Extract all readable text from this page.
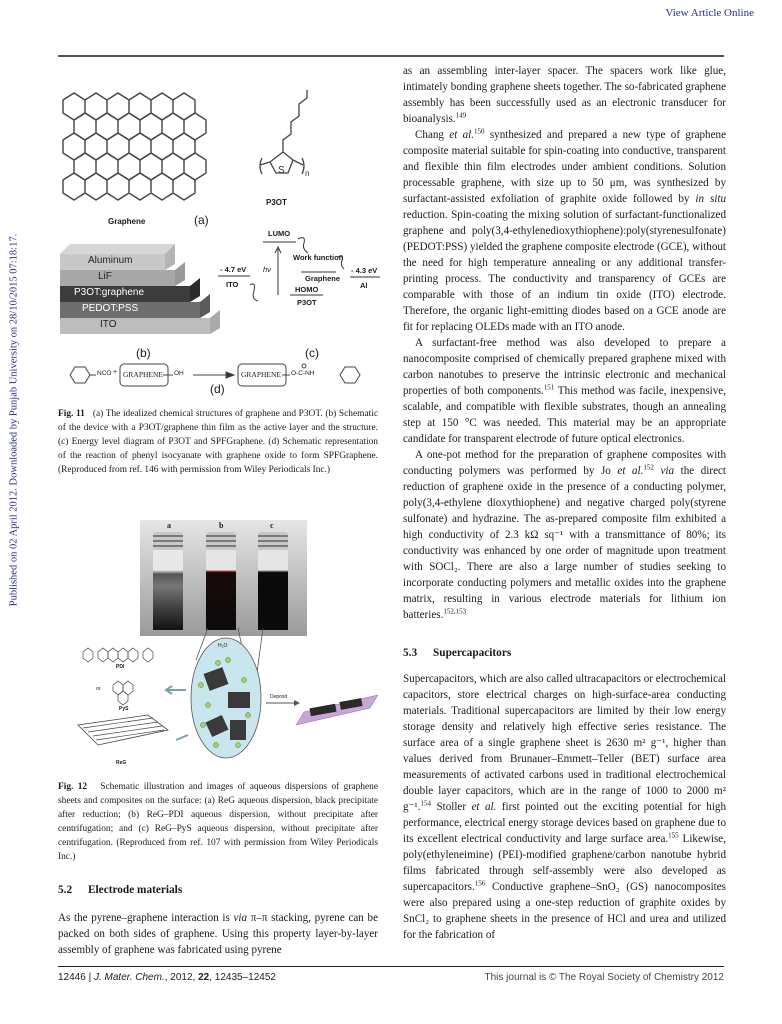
View Article Online
Published on 02 April 2012. Downloaded by Punjab University on 28/10/2015 07:18:17.
Graphene	(a)
S	n
P3OT
Aluminum
LiF
P3OT:graphene
PEDOT:PSS
ITO
(b)
LUMO
Work function
Graphene
- 4.3 eV
Al
- 4.7 eV
ITO
hν
HOMO
P3OT
(c)
NCO + GRAPHENE OH	GRAPHENE O-C-NH
(d)
Fig. 11 (a) The idealized chemical structures of graphene and P3OT. (b) Schematic of the device with a P3OT/graphene thin film as the active layer and the structure. (c) Energy level diagram of P3OT and SPFGraphene. (d) Schematic representation of the reaction of phenyl isocyanate with graphene oxide to form SPFGraphene. (Reproduced from ref. 146 with permission from Wiley Periodicals Inc.)
a	b	c
PDI
or
PyS
ReG
H₂O
Deposit
Fig. 12 Schematic illustration and images of aqueous dispersions of graphene sheets and composites on the surface: (a) ReG aqueous dispersion, black precipitate after reduction; (b) ReG–PDI aqueous dispersion, without precipitate after centrifugation; and (c) ReG–PyS aqueous dispersion, without precipitate after centrifugation. (Reproduced from ref. 107 with permission from Wiley Periodicals Inc.)
5.2 Electrode materials

As the pyrene–graphene interaction is via π–π stacking, pyrene can be packed on both sides of graphene. Using this property layer-by-layer assembly of graphene was fabricated using pyrene

as an assembling inter-layer spacer. The spacers work like glue, intimately bonding graphene sheets together. The so-fabricated graphene assembly has been successfully used as an electronic transducer for bioanalysis.$^{149}$

Chang et al.$^{150}$ synthesized and prepared a new type of graphene composite material suitable for spin-coating into conductive, transparent and flexible thin film electrodes under ambient conditions. Solution processable graphene, with size up to 50 μm, was synthesized by surfactant-assisted exfoliation of graphite oxide followed by in situ reduction. Spin-coating the mixing solution of surfactant-functionalized graphene and poly(3,4-ethylenedioxythiophene):poly(styrenesulfonate) (PEDOT:PSS) yielded the graphene composite electrode (GCE), without the need for high temperature annealing or any additional transfer-printing process. The conductivity and transparency of GCEs are comparable with those of an indium tin oxide (ITO) electrode. Therefore, the organic light-emitting diodes based on a GCE anode are fit for replacing OLEDs made with an ITO anode.

A surfactant-free method was also developed to prepare a nanocomposite comprised of chemically prepared graphene mixed with carbon nanotubes to preserve the intrinsic electronic and mechanical properties of both components.$^{151}$ This method was facile, inexpensive, scalable, and compatible with flexible substrates, though an annealing step at 150 °C was needed. This material may be an appropriate candidate for transparent electrode of future optical electronics.

A one-pot method for the preparation of graphene composites with conducting polymers was performed by Jo et al.$^{152}$ via the direct reduction of graphene oxide in the presence of a conducting polymer, poly(3,4-ethylene dioxythiophene) and negative charged poly(styrene sulfonate) and hydrazine. The as-prepared composite film exhibited a high conductivity of 2.3 kΩ sq⁻¹ with a transmittance of 80%; its conductivity was enhanced by one order of magnitude upon treatment with SOCl₂. There are also a large number of studies seeking to incorporate conducting polymers and metallic oxides into the graphene matrix, resulting in various electrode materials for lithium ion batteries.$^{152,153}$

5.3 Supercapacitors

Supercapacitors, which are also called ultracapacitors or electrochemical capacitors, store electrical charges on high-surface-area conducting materials. Traditional supercapacitors are limited by their low energy storage density and relatively high effective series resistance. The surface area of a single graphene sheet is 2630 m² g⁻¹, higher than values derived from Brunauer–Emmett–Teller (BET) surface area measurements of activated carbons used in traditional electrochemical double layer capacitors, which are in the range of 1000 to 2000 m² g⁻¹.$^{154}$ Stoller et al. first pointed out the exciting potential for high performance, electrical energy storage devices based on graphene due to its excellent electrical conductivity and large surface area.$^{155}$ Likewise, poly(ethyleneimine) (PEI)-modified graphene/carbon nanotube hybrid films fabricated through self-assembly were also developed as supercapacitors.$^{156}$ Conductive graphene–SnO₂ (GS) nanocomposites were also prepared using a one-step reduction of graphite oxides by SnCl₂ to graphene sheets in the presence of HCl and urea and utilized for the fabrication of

12446 | J. Mater. Chem., 2012, 22, 12435–12452	This journal is © The Royal Society of Chemistry 2012
